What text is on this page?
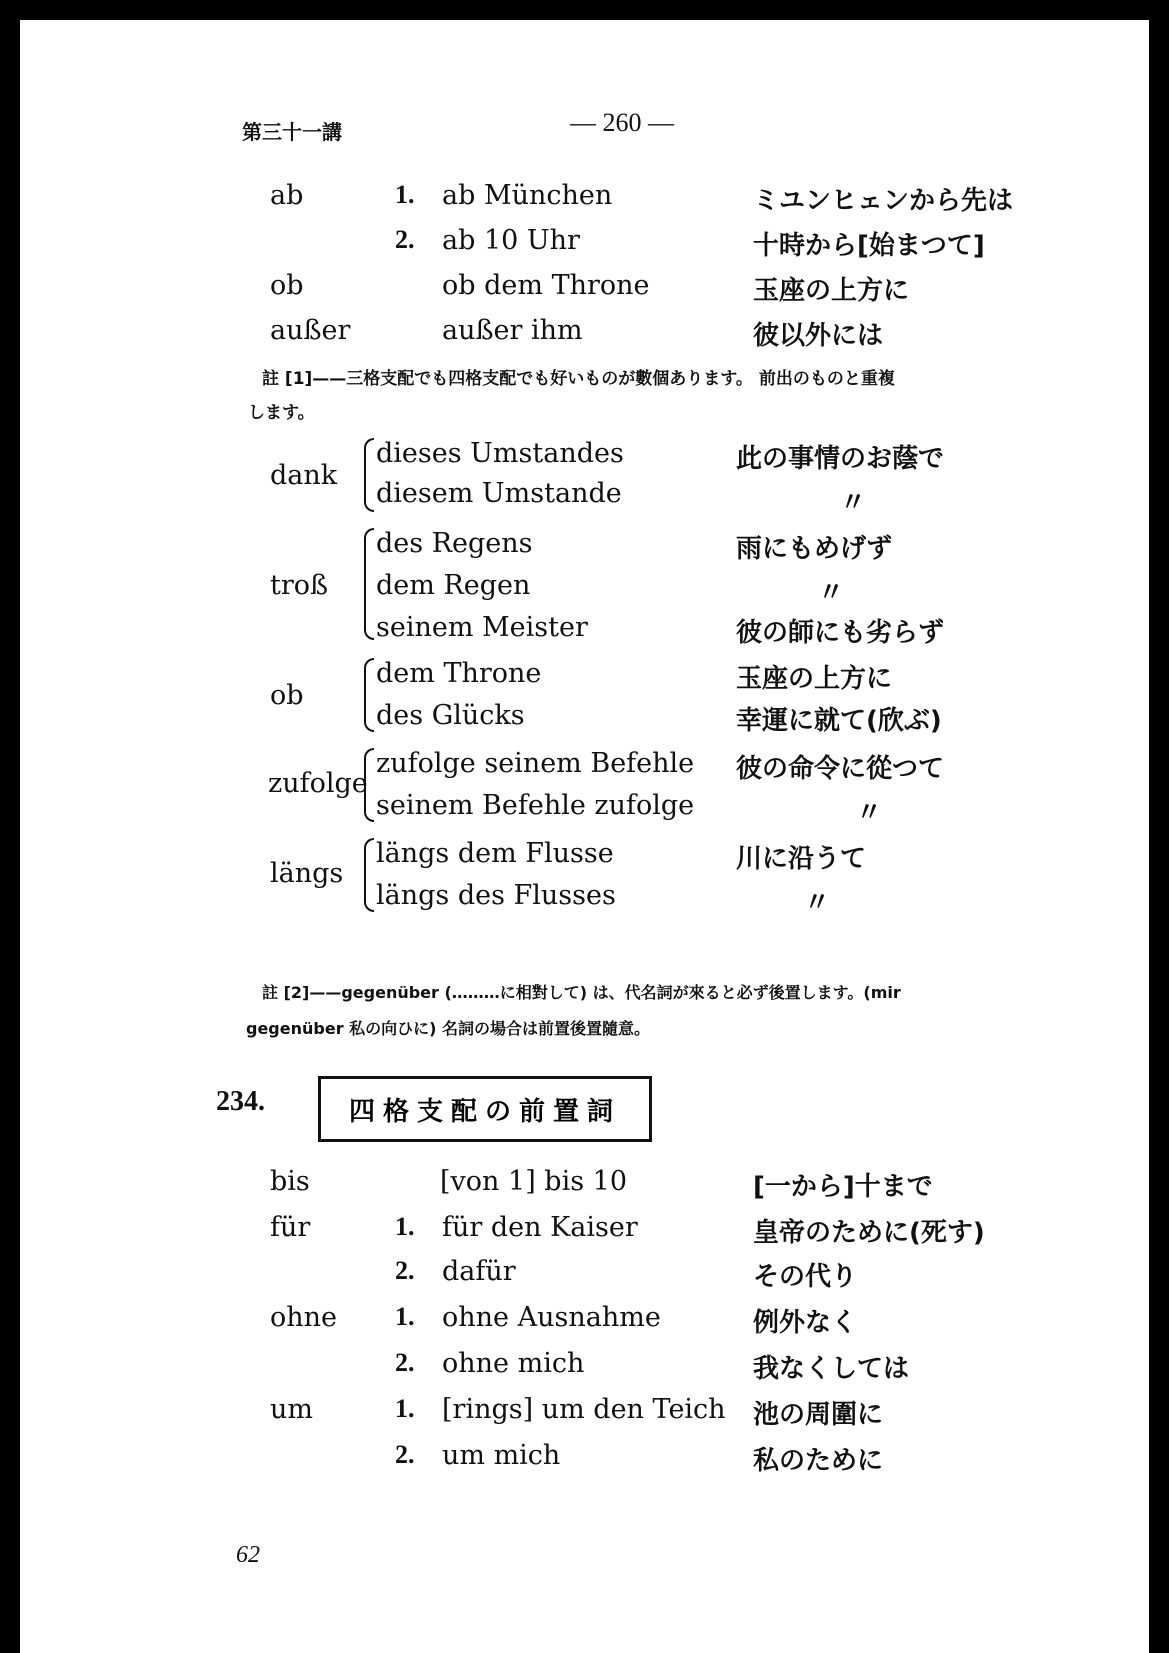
第三十一講	— 260 —
ab	1. ab München	ミユンヒェンから先は
2. ab 10 Uhr	十時から[始まつて]
ob	ob dem Throne	玉座の上方に
außer	außer ihm	彼以外には
註 [1]——三格支配でも四格支配でも好いものが數個あります。 前出のものと重複
します。
dank
dieses Umstandes	此の事情のお蔭で
diesem Umstande	〃
troß
des Regens	雨にもめげず
dem Regen	〃
seinem Meister	彼の師にも劣らず
ob
dem Throne	玉座の上方に
des Glücks	幸運に就て(欣ぶ)
zufolge
zufolge seinem Befehle 彼の命令に從つて
seinem Befehle zufolge	〃
längs
längs dem Flusse	川に沿うて
längs des Flusses	〃
註 [2]——gegenüber (………に相對して) は、代名詞が來ると必ず後置します。(mir
gegenüber 私の向ひに) 名詞の場合は前置後置隨意。
234.	四格支配の前置詞
bis	[von 1] bis 10	[一から]十まで
für	1. für den Kaiser	皇帝のために(死す)
2. dafür	その代り
ohne 1. ohne Ausnahme	例外なく
2. ohne mich	我なくしては
um	1. [rings] um den Teich 池の周圍に
2. um mich	私のために
62
